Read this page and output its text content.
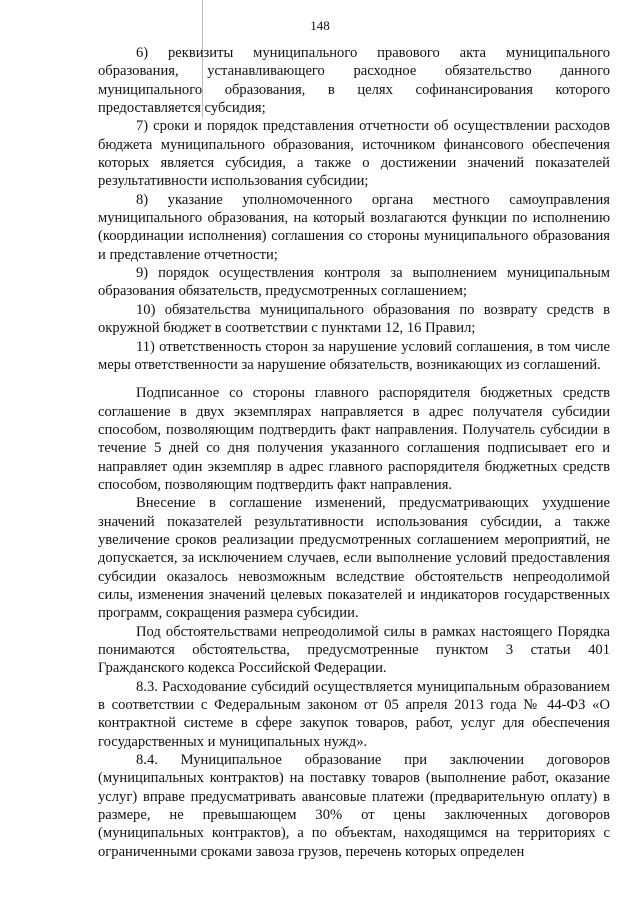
148

6) реквизиты муниципального правового акта муниципального образования, устанавливающего расходное обязательство данного муниципального образования, в целях софинансирования которого предоставляется субсидия;

7) сроки и порядок представления отчетности об осуществлении расходов бюджета муниципального образования, источником финансового обеспечения которых является субсидия, а также о достижении значений показателей результативности использования субсидии;

8) указание уполномоченного органа местного самоуправления муниципального образования, на который возлагаются функции по исполнению (координации исполнения) соглашения со стороны муниципального образования и представление отчетности;

9) порядок осуществления контроля за выполнением муниципальным образования обязательств, предусмотренных соглашением;

10) обязательства муниципального образования по возврату средств в окружной бюджет в соответствии с пунктами 12, 16 Правил;

11) ответственность сторон за нарушение условий соглашения, в том числе меры ответственности за нарушение обязательств, возникающих из соглашений.

Подписанное со стороны главного распорядителя бюджетных средств соглашение в двух экземплярах направляется в адрес получателя субсидии способом, позволяющим подтвердить факт направления. Получатель субсидии в течение 5 дней со дня получения указанного соглашения подписывает его и направляет один экземпляр в адрес главного распорядителя бюджетных средств способом, позволяющим подтвердить факт направления.

Внесение в соглашение изменений, предусматривающих ухудшение значений показателей результативности использования субсидии, а также увеличение сроков реализации предусмотренных соглашением мероприятий, не допускается, за исключением случаев, если выполнение условий предоставления субсидии оказалось невозможным вследствие обстоятельств непреодолимой силы, изменения значений целевых показателей и индикаторов государственных программ, сокращения размера субсидии.

Под обстоятельствами непреодолимой силы в рамках настоящего Порядка понимаются обстоятельства, предусмотренные пунктом 3 статьи 401 Гражданского кодекса Российской Федерации.

8.3. Расходование субсидий осуществляется муниципальным образованием в соответствии с Федеральным законом от 05 апреля 2013 года № 44-ФЗ «О контрактной системе в сфере закупок товаров, работ, услуг для обеспечения государственных и муниципальных нужд».

8.4. Муниципальное образование при заключении договоров (муниципальных контрактов) на поставку товаров (выполнение работ, оказание услуг) вправе предусматривать авансовые платежи (предварительную оплату) в размере, не превышающем 30% от цены заключенных договоров (муниципальных контрактов), а по объектам, находящимся на территориях с ограниченными сроками завоза грузов, перечень которых определен
